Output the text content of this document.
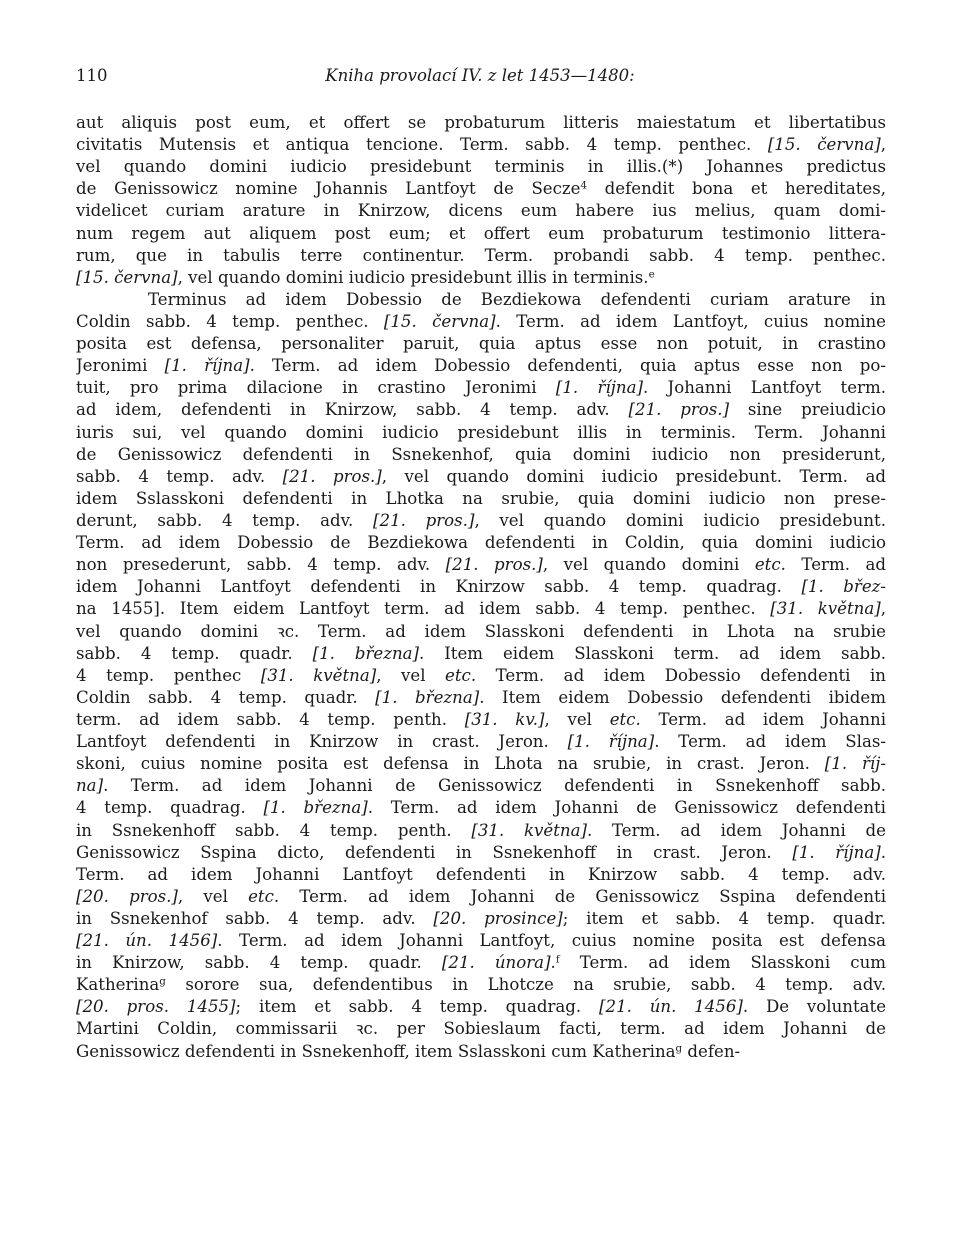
110	Kniha provolací IV. z let 1453—1480:
aut aliquis post eum, et offert se probaturum litteris maiestatum et libertatibus
civitatis Mutensis et antiqua tencione. Term. sabb. 4 temp. penthec. [15. června],
vel quando domini iudicio presidebunt terminis in illis.(*) Johannes predictus
de Genissowicz nomine Johannis Lantfoyt de Secze$^4$ defendit bona et hereditates,
videlicet curiam arature in Knirzow, dicens eum habere ius melius, quam domi-
num regem aut aliquem post eum; et offert eum probaturum testimonio littera-
rum, que in tabulis terre continentur. Term. probandi sabb. 4 temp. penthec.
[15. června], vel quando domini iudicio presidebunt illis in terminis.$^e$
Terminus ad idem Dobessio de Bezdiekowa defendenti curiam arature in
Coldin sabb. 4 temp. penthec. [15. června]. Term. ad idem Lantfoyt, cuius nomine
posita est defensa, personaliter paruit, quia aptus esse non potuit, in crastino
Jeronimi [1. října]. Term. ad idem Dobessio defendenti, quia aptus esse non po-
tuit, pro prima dilacione in crastino Jeronimi [1. října]. Johanni Lantfoyt term.
ad idem, defendenti in Knirzow, sabb. 4 temp. adv. [21. pros.] sine preiudicio
iuris sui, vel quando domini iudicio presidebunt illis in terminis. Term. Johanni
de Genissowicz defendenti in Ssnekenhof, quia domini iudicio non presiderunt,
sabb. 4 temp. adv. [21. pros.], vel quando domini iudicio presidebunt. Term. ad
idem Sslasskoni defendenti in Lhotka na srubie, quia domini iudicio non prese-
derunt, sabb. 4 temp. adv. [21. pros.], vel quando domini iudicio presidebunt.
Term. ad idem Dobessio de Bezdiekowa defendenti in Coldin, quia domini iudicio
non presederunt, sabb. 4 temp. adv. [21. pros.], vel quando domini etc. Term. ad
idem Johanni Lantfoyt defendenti in Knirzow sabb. 4 temp. quadrag. [1. břez-
na 1455]. Item eidem Lantfoyt term. ad idem sabb. 4 temp. penthec. [31. května],
vel quando domini ꝛc. Term. ad idem Slasskoni defendenti in Lhota na srubie
sabb. 4 temp. quadr. [1. března]. Item eidem Slasskoni term. ad idem sabb.
4 temp. penthec [31. května], vel etc. Term. ad idem Dobessio defendenti in
Coldin sabb. 4 temp. quadr. [1. března]. Item eidem Dobessio defendenti ibidem
term. ad idem sabb. 4 temp. penth. [31. kv.], vel etc. Term. ad idem Johanni
Lantfoyt defendenti in Knirzow in crast. Jeron. [1. října]. Term. ad idem Slas-
skoni, cuius nomine posita est defensa in Lhota na srubie, in crast. Jeron. [1. říj-
na]. Term. ad idem Johanni de Genissowicz defendenti in Ssnekenhoff sabb.
4 temp. quadrag. [1. března]. Term. ad idem Johanni de Genissowicz defendenti
in Ssnekenhoff sabb. 4 temp. penth. [31. května]. Term. ad idem Johanni de
Genissowicz Sspina dicto, defendenti in Ssnekenhoff in crast. Jeron. [1. října].
Term. ad idem Johanni Lantfoyt defendenti in Knirzow sabb. 4 temp. adv.
[20. pros.], vel etc. Term. ad idem Johanni de Genissowicz Sspina defendenti
in Ssnekenhof sabb. 4 temp. adv. [20. prosince]; item et sabb. 4 temp. quadr.
[21. ún. 1456]. Term. ad idem Johanni Lantfoyt, cuius nomine posita est defensa
in Knirzow, sabb. 4 temp. quadr. [21. února].$^f$ Term. ad idem Slasskoni cum
Katherina$^g$ sorore sua, defendentibus in Lhotcze na srubie, sabb. 4 temp. adv.
[20. pros. 1455]; item et sabb. 4 temp. quadrag. [21. ún. 1456]. De voluntate
Martini Coldin, commissarii ꝛc. per Sobieslaum facti, term. ad idem Johanni de
Genissowicz defendenti in Ssnekenhoff, item Sslasskoni cum Katherina$^g$ defen-
